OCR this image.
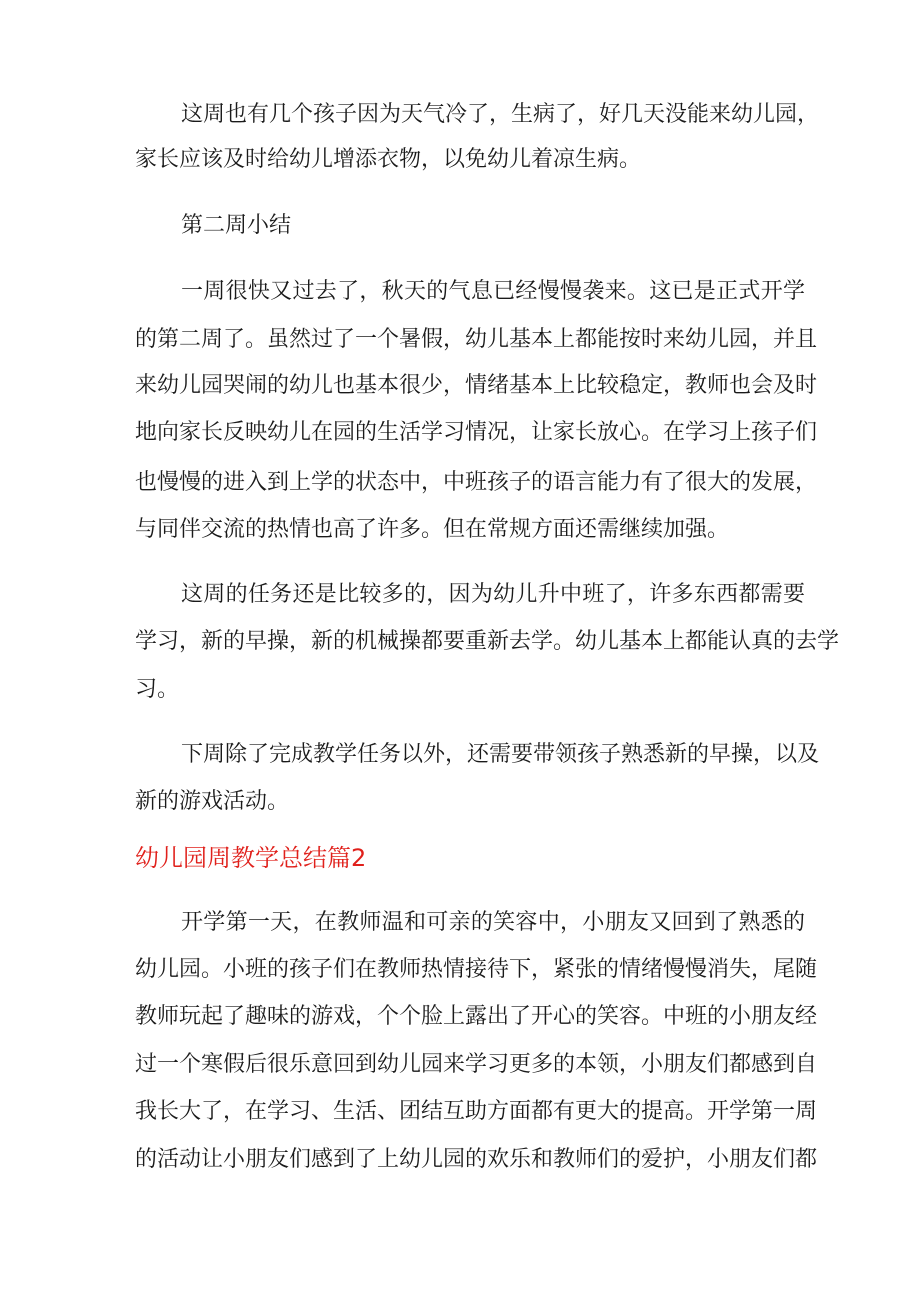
这周也有几个孩子因为天气冷了，生病了，好几天没能来幼儿园，
家长应该及时给幼儿增添衣物，以免幼儿着凉生病。
第二周小结
一周很快又过去了，秋天的气息已经慢慢袭来。这已是正式开学
的第二周了。虽然过了一个暑假，幼儿基本上都能按时来幼儿园，并且
来幼儿园哭闹的幼儿也基本很少，情绪基本上比较稳定，教师也会及时
地向家长反映幼儿在园的生活学习情况，让家长放心。在学习上孩子们
也慢慢的进入到上学的状态中，中班孩子的语言能力有了很大的发展，
与同伴交流的热情也高了许多。但在常规方面还需继续加强。
这周的任务还是比较多的，因为幼儿升中班了，许多东西都需要
学习，新的早操，新的机械操都要重新去学。幼儿基本上都能认真的去学
习。
下周除了完成教学任务以外，还需要带领孩子熟悉新的早操，以及
新的游戏活动。
幼儿园周教学总结篇2
开学第一天，在教师温和可亲的笑容中，小朋友又回到了熟悉的
幼儿园。小班的孩子们在教师热情接待下，紧张的情绪慢慢消失，尾随
教师玩起了趣味的游戏，个个脸上露出了开心的笑容。中班的小朋友经
过一个寒假后很乐意回到幼儿园来学习更多的本领，小朋友们都感到自
我长大了，在学习、生活、团结互助方面都有更大的提高。开学第一周
的活动让小朋友们感到了上幼儿园的欢乐和教师们的爱护，小朋友们都
